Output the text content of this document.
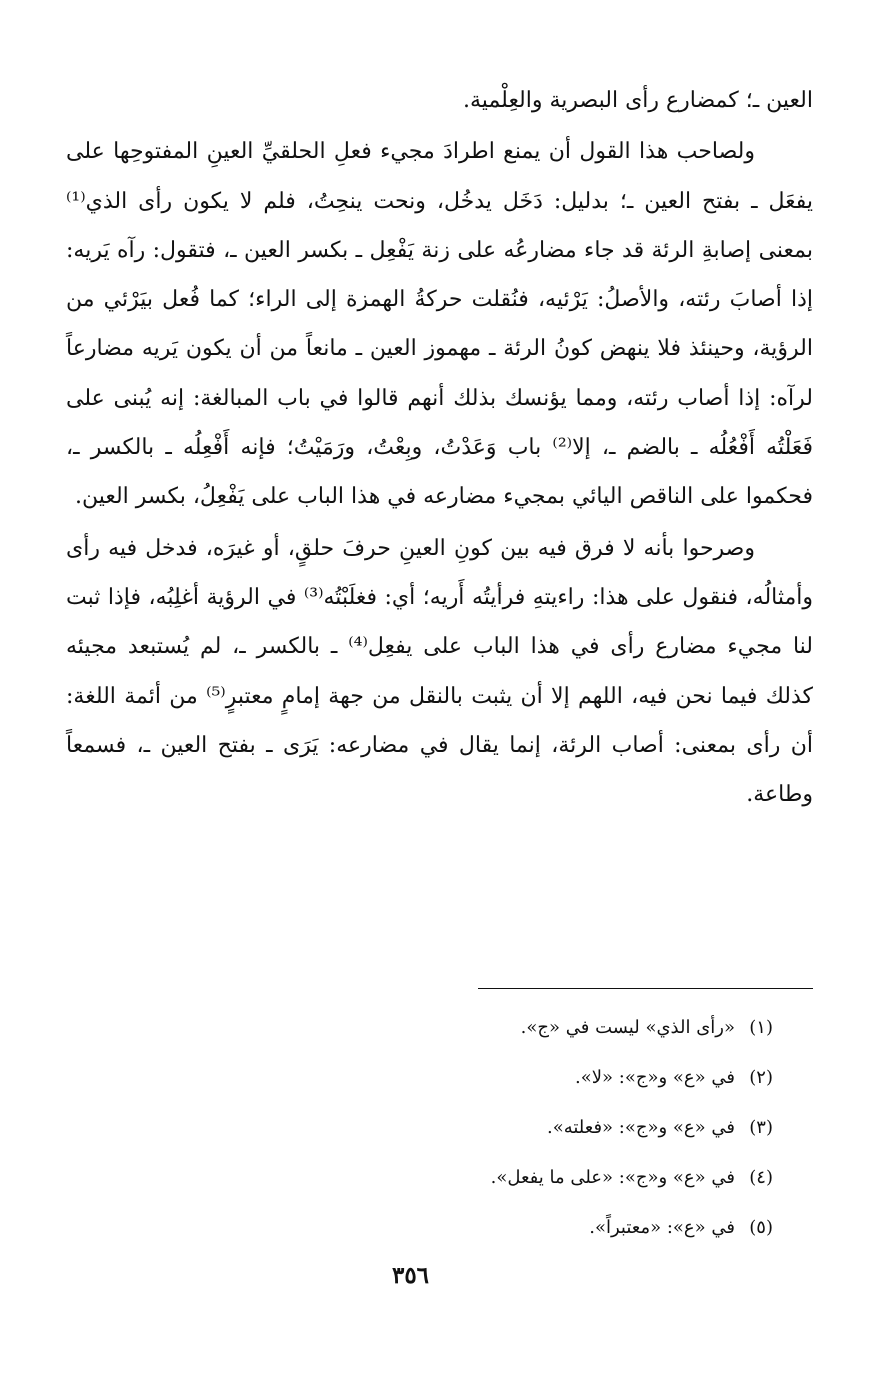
العين ـ؛ كمضارع رأى البصرية والعِلْمية.

ولصاحب هذا القول أن يمنع اطرادَ مجيء فعلِ الحلقيِّ العينِ المفتوحِها على يفعَل ـ بفتح العين ـ؛ بدليل: دَخَل يدخُل، ونحت ينحِتُ، فلم لا يكون رأى الذي⁽¹⁾ بمعنى إصابةِ الرئة قد جاء مضارعُه على زنة يَفْعِل ـ بكسر العين ـ، فتقول: رآه يَريه: إذا أصابَ رئته، والأصلُ: يَرْئيه، فنُقلت حركةُ الهمزة إلى الراء؛ كما فُعل بيَرْئي من الرؤية، وحينئذ فلا ينهض كونُ الرئة ـ مهموز العين ـ مانعاً من أن يكون يَريه مضارعاً لرآه: إذا أصاب رئته، ومما يؤنسك بذلك أنهم قالوا في باب المبالغة: إنه يُبنى على فَعَلْتُه أَفْعُلُه ـ بالضم ـ، إلا⁽²⁾ باب وَعَدْتُ، وبِعْتُ، ورَمَيْتُ؛ فإنه أَفْعِلُه ـ بالكسر ـ، فحكموا على الناقص اليائي بمجيء مضارعه في هذا الباب على يَفْعِلُ، بكسر العين.

وصرحوا بأنه لا فرق فيه بين كونِ العينِ حرفَ حلقٍ، أو غيرَه، فدخل فيه رأى وأمثالُه، فنقول على هذا: راءيتهِ فرأيتُه أَريه؛ أي: فغلَبْتُه⁽³⁾ في الرؤية أغلِبُه، فإذا ثبت لنا مجيء مضارع رأى في هذا الباب على يفعِل⁽⁴⁾ ـ بالكسر ـ، لم يُستبعد مجيئه كذلك فيما نحن فيه، اللهم إلا أن يثبت بالنقل من جهة إمامٍ معتبرٍ⁽⁵⁾ من أئمة اللغة: أن رأى بمعنى: أصاب الرئة، إنما يقال في مضارعه: يَرَى ـ بفتح العين ـ، فسمعاً وطاعة.

(١)
«رأى الذي» ليست في «ج».
(٢)
في «ع» و«ج»: «لا».
(٣)
في «ع» و«ج»: «فعلته».
(٤)
في «ع» و«ج»: «على ما يفعل».
(٥)
في «ع»: «معتبراً».
٣٥٦
